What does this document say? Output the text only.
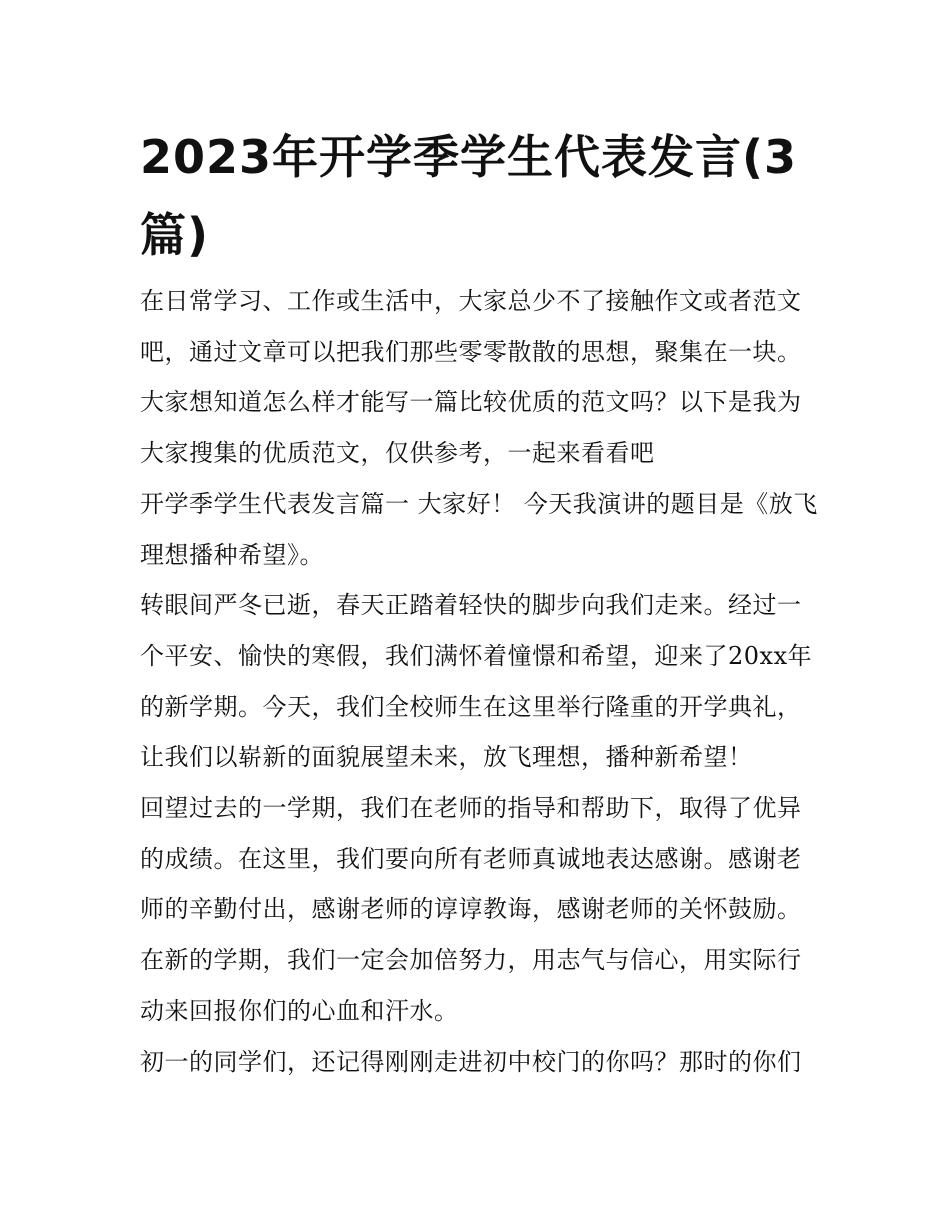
2023年开学季学生代表发言(3篇)

在日常学习、工作或生活中，大家总少不了接触作文或者范文吧，通过文章可以把我们那些零零散散的思想，聚集在一块。大家想知道怎么样才能写一篇比较优质的范文吗？以下是我为大家搜集的优质范文，仅供参考，一起来看看吧

开学季学生代表发言篇一 大家好！ 今天我演讲的题目是《放飞理想播种希望》。

转眼间严冬已逝，春天正踏着轻快的脚步向我们走来。经过一个平安、愉快的寒假，我们满怀着憧憬和希望，迎来了20xx年的新学期。今天，我们全校师生在这里举行隆重的开学典礼，让我们以崭新的面貌展望未来，放飞理想，播种新希望！

回望过去的一学期，我们在老师的指导和帮助下，取得了优异的成绩。在这里，我们要向所有老师真诚地表达感谢。感谢老师的辛勤付出，感谢老师的谆谆教诲，感谢老师的关怀鼓励。在新的学期，我们一定会加倍努力，用志气与信心，用实际行动来回报你们的心血和汗水。

初一的同学们，还记得刚刚走进初中校门的你吗？那时的你们
